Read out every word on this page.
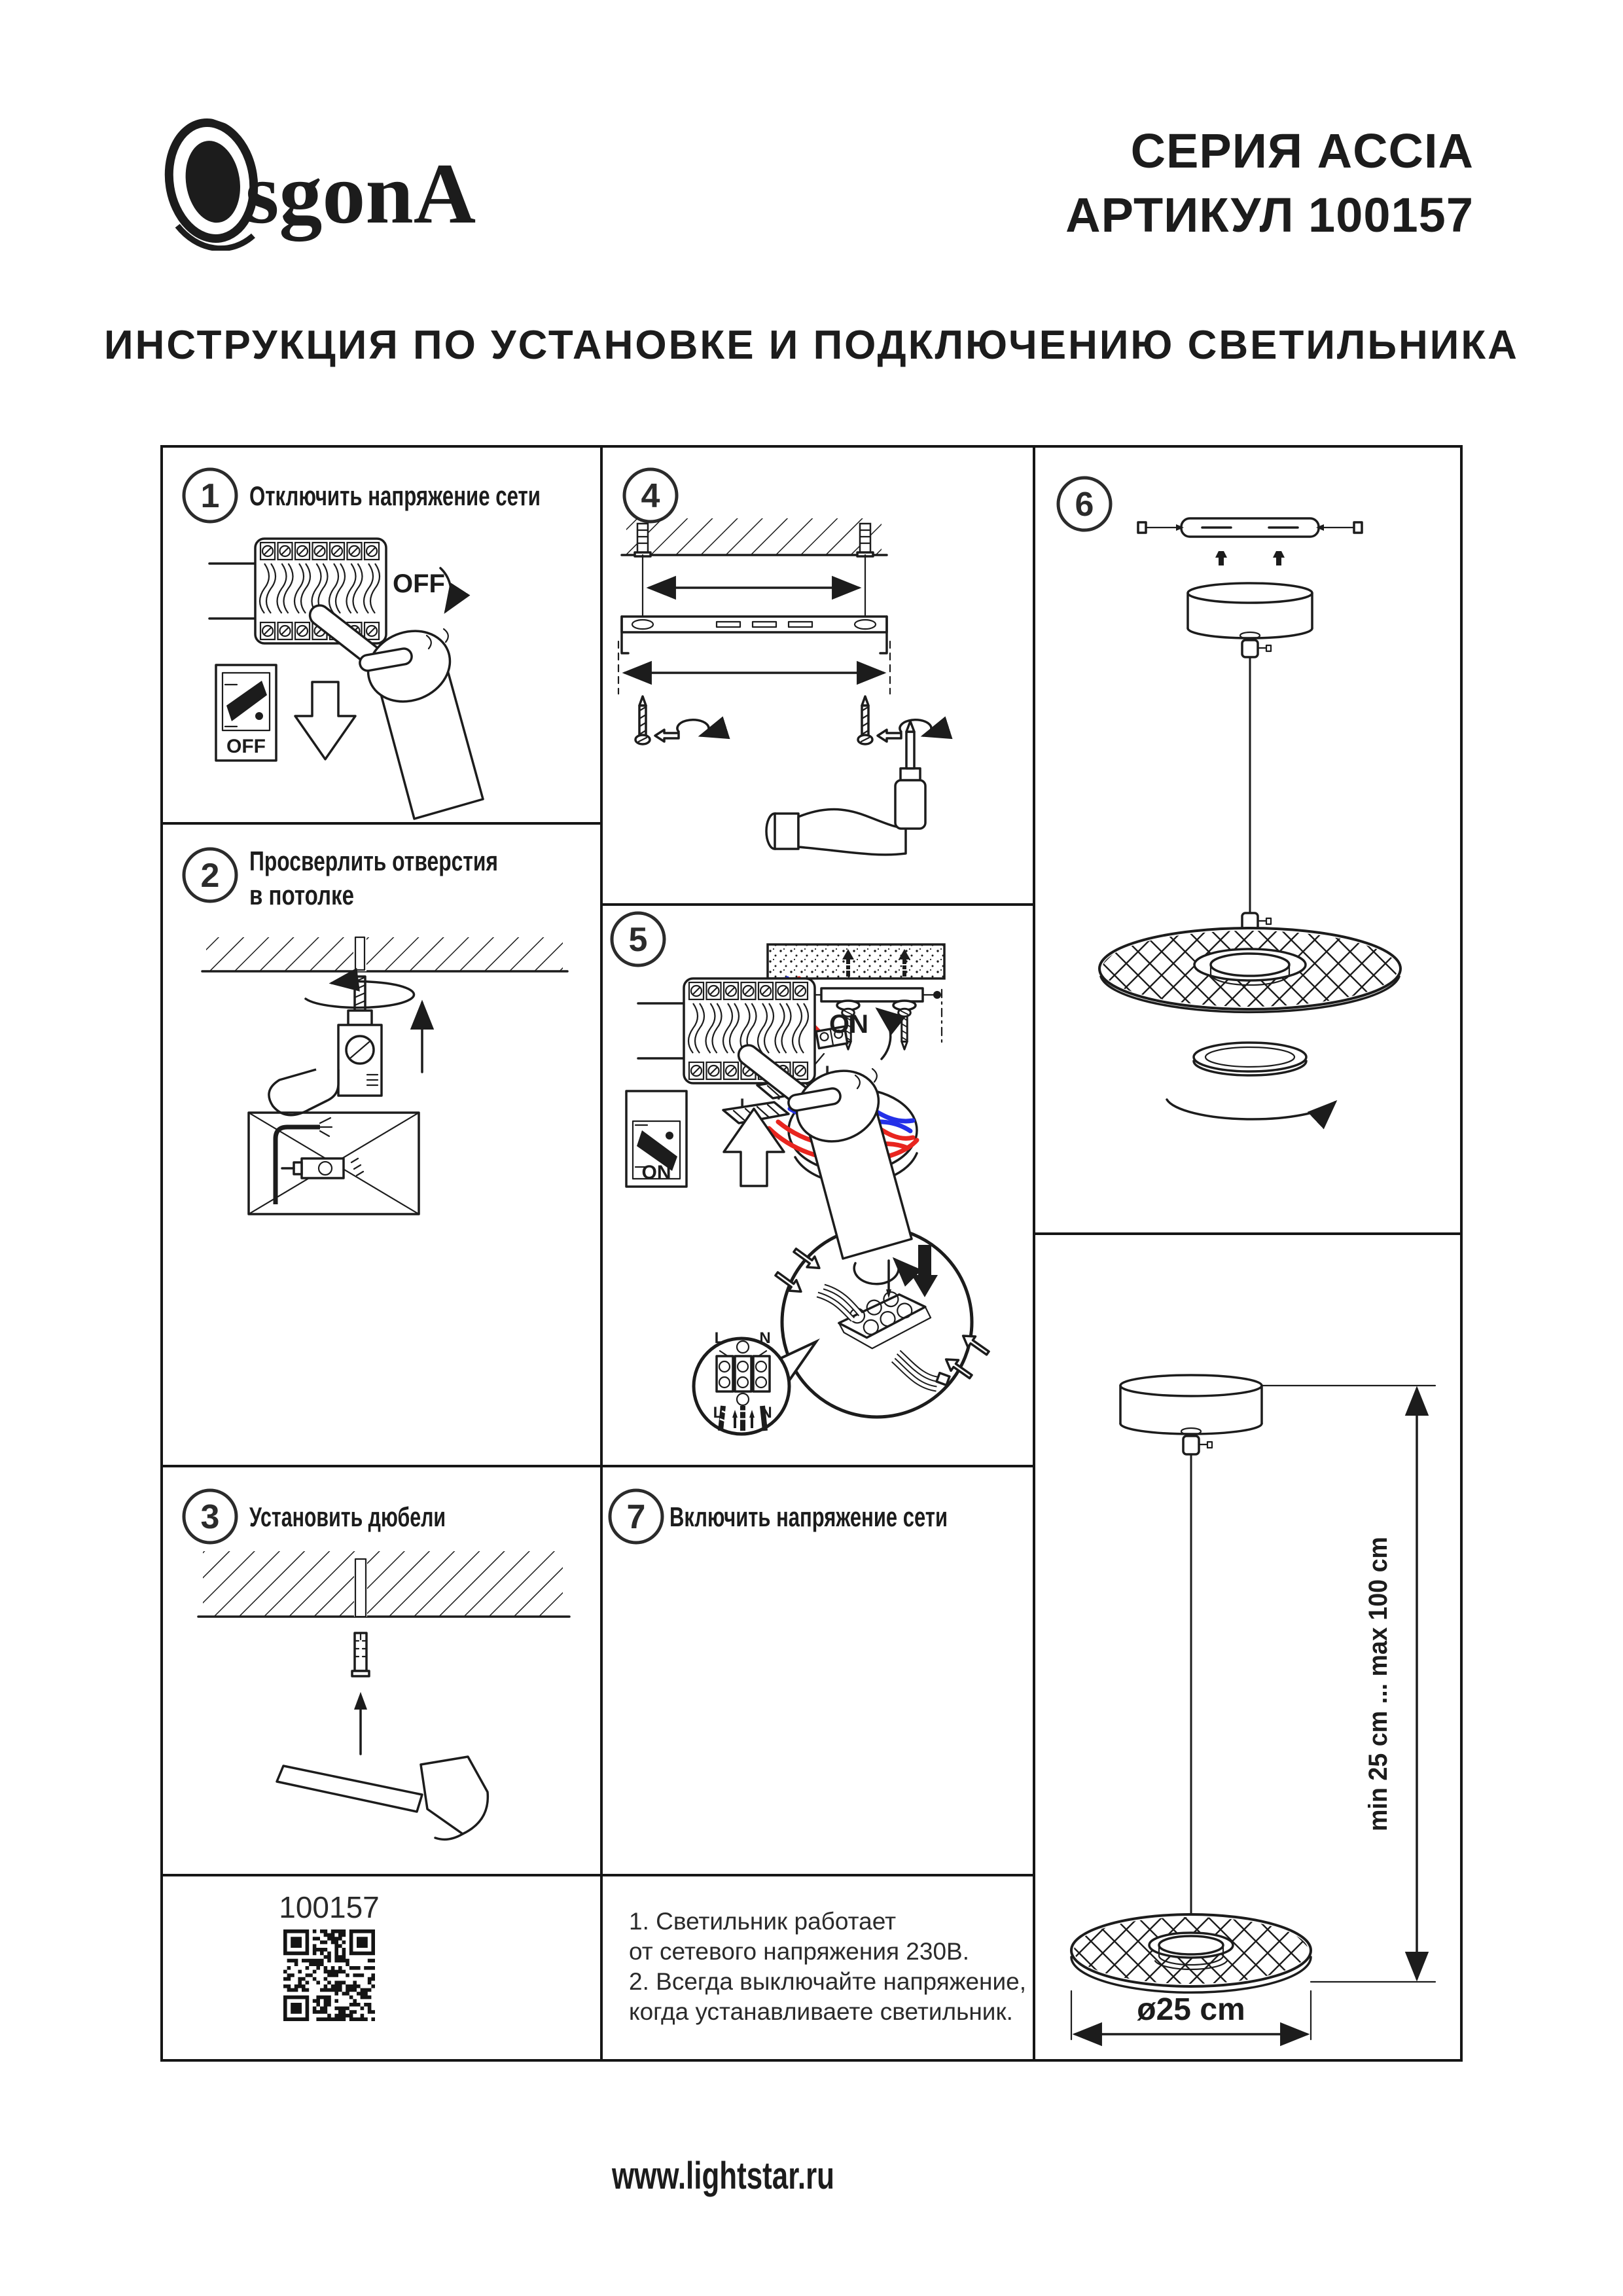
sgonA	СЕРИЯ ACCIA
АРТИКУЛ 100157
ИНСТРУКЦИЯ ПО УСТАНОВКЕ И ПОДКЛЮЧЕНИЮ СВЕТИЛЬНИКА
1 Отключить напряжение сети
OFF
OFF
2 Просверлить отверстия
в потолке
3 Установить дюбели
100157
4
5
L N
L N
7 Включить напряжение сети
ON
ON
1. Светильник работает
от сетевого напряжения 230В.
2. Всегда выключайте напряжение,
когда устанавливаете светильник.
6
min 25 cm ... max 100 cm
ø25 cm
www.lightstar.ru
